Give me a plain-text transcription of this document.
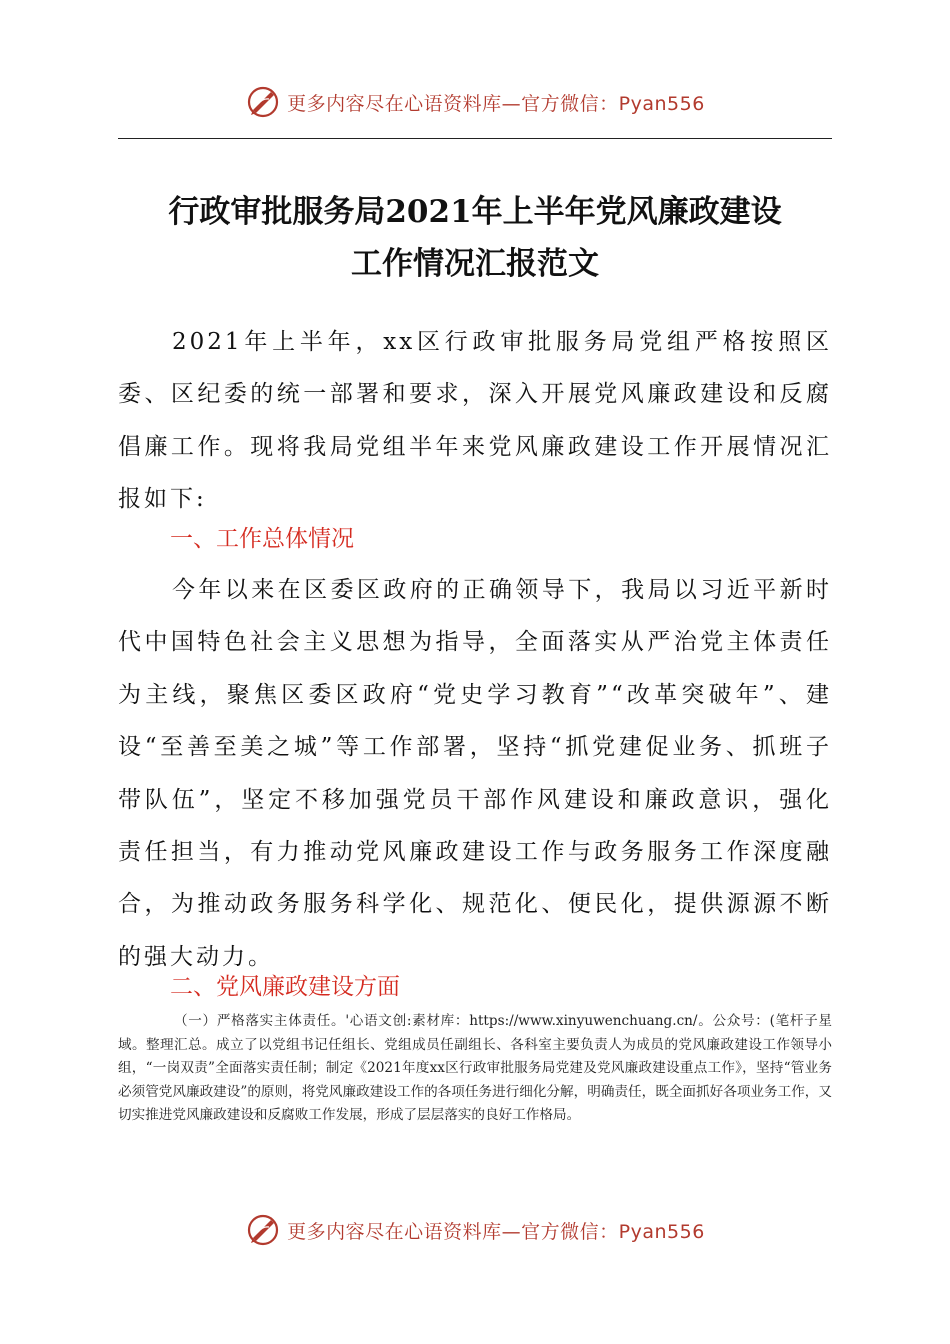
更多内容尽在心语资料库—官方微信：Pyan556
行政审批服务局2021年上半年党风廉政建设
工作情况汇报范文

2021年上半年，xx区行政审批服务局党组严格按照区委、区纪委的统一部署和要求，深入开展党风廉政建设和反腐倡廉工作。现将我局党组半年来党风廉政建设工作开展情况汇报如下:

一、工作总体情况

今年以来在区委区政府的正确领导下，我局以习近平新时代中国特色社会主义思想为指导，全面落实从严治党主体责任为主线，聚焦区委区政府“党史学习教育”“改革突破年”、建设“至善至美之城”等工作部署，坚持“抓党建促业务、抓班子带队伍”，坚定不移加强党员干部作风建设和廉政意识，强化责任担当，有力推动党风廉政建设工作与政务服务工作深度融合，为推动政务服务科学化、规范化、便民化，提供源源不断的强大动力。

二、党风廉政建设方面

（一）严格落实主体责任。'心语文创:素材库：https://www.xinyuwenchuang.cn/。公众号：(笔杆子星域。整理汇总。成立了以党组书记任组长、党组成员任副组长、各科室主要负责人为成员的党风廉政建设工作领导小组，“一岗双责”全面落实责任制；制定《2021年度xx区行政审批服务局党建及党风廉政建设重点工作》，坚持“管业务必须管党风廉政建设”的原则，将党风廉政建设工作的各项任务进行细化分解，明确责任，既全面抓好各项业务工作，又切实推进党风廉政建设和反腐败工作发展，形成了层层落实的良好工作格局。

更多内容尽在心语资料库—官方微信：Pyan556
